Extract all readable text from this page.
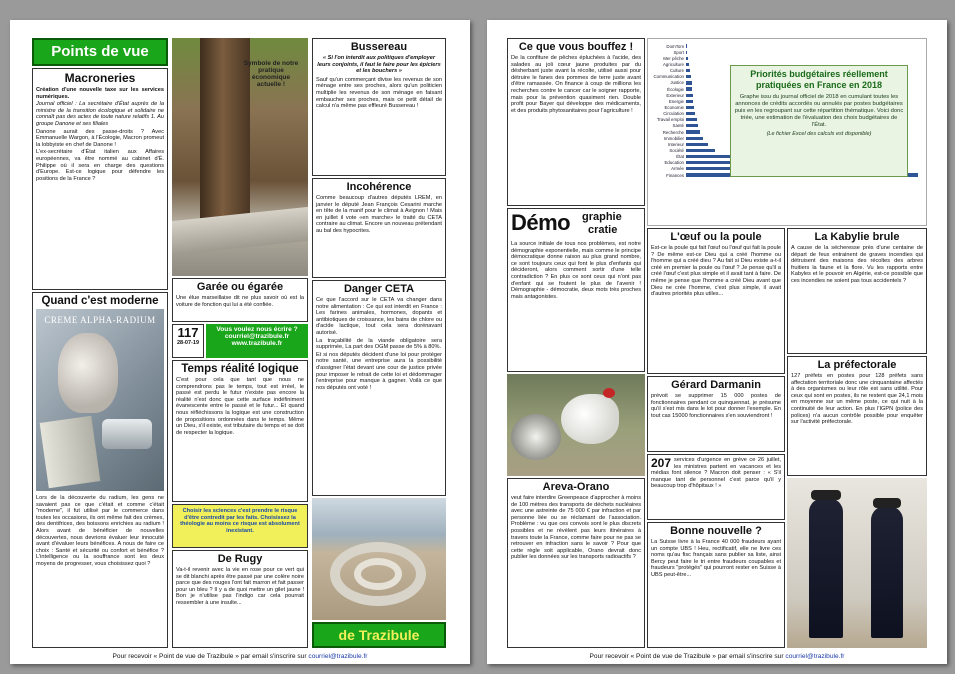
Points de vue
Macroneries

Création d'une nouvelle taxe sur les services numériques.

Journal officiel : La secrétaire d'État auprès de la ministre de la transition écologique et solidaire ne connaît pas des actes de toute nature relatifs 1. Au groupe Danone et ses filiales

Danone aurait des passe-droits ? Avec Emmanuelle Wargon, à l'Écologie, Macron promeut la lobbyiste en chef de Danone !

L'ex-secrétaire d'État italien aux Affaires européennes, va être nommé au cabinet d'É. Philippe où il sera en charge des questions d'Europe. Est-ce logique pour défendre les positions de la France ?

Quand c'est moderne
CREME ALPHA-RADIUM
Lors de la découverte du radium, les gens ne savaient pas ce que c'était et comme c'était "moderne", il fut utilisé par le commerce dans toutes les occasions, ils ont même fait des crèmes, des dentifrices, des boissons enrichies au radium ! Alors avant de bénéficier de nouvelles découvertes, nous devrions évaluer leur innocuité avant d'évaluer leurs bénéfices. A nous de faire ce choix : Santé et sécurité ou confort et bénéfice ? L'intelligence ou la souffrance sont les deux moyens de progresser, vous choisissez quoi ?
Symbole de notre pratique économique actuelle !
Garée ou égarée
Une élue marseillaise dit ne plus savoir où est la voiture de fonction qui lui a été confiée.
117
28-07-19
Vous voulez nous écrire ?
courriel@trazibule.fr
www.trazibule.fr
Temps réalité logique
C'est pour cela que tant que nous ne comprendrons pas le temps, tout est irréel, le passé est perdu le futur n'existe pas encore la réalité n'est donc que cette surface indéfiniment évanescente entre le passé et le futur... Et quand nous réfléchissons la logique est une construction de propositions ordonnées dans le temps. Même un Dieu, s'il existe, est tributaire du temps et se doit de respecter la logique.
Choisir les sciences c'est prendre le risque d'être contredit par les faits. Choisissez la théologie au moins ce risque est absolument inexistant.
De Rugy
Va-t-il revenir avec la vie en rose pour ce vert qui se dit blanchi après être passé par une colère noire parce que des rouges l'ont fait marron et fait passer pour un bleu ? Il y a de quoi mettre un gilet jaune ! Bon je n'utilise pas l'indigo car cela pourrait ressembler à une insulte...
Bussereau
« Si l'on interdit aux politiques d'employer leurs conjoints, il faut le faire pour les épiciers et les bouchers »
Sauf qu'un commerçant divise les revenus de son ménage entre ses proches, alors qu'un politicien multiplie les revenus de son ménage en faisant embaucher ses proches, mais ce petit détail de calcul n'a même pas effleuré Bussereau !
Incohérence
Comme beaucoup d'autres députés LREM, en janvier le député Jean François Cesarini marche en tête de la manif pour le climat à Avignon ! Mais en juillet il vote «en marche» le traité du CETA contraire au climat. Encore un nouveau prétendant au bal des hypocrites.
Danger CETA

Ce que l'accord sur le CETA va changer dans notre alimentation : Ce qui est interdit en France : Les farines animales, hormones, dopants et antibiotiques de croissance, les bains de chlore ou d'acide lactique, tout cela sera dorénavant autorisé.

La traçabilité de la viande obligatoire sera supprimée, La part des OGM passe de 5% à 80%.

Et si nos députés décident d'une loi pour protéger notre santé, une entreprise aura la possibilité d'assigner l'état devant une cour de justice privée pour imposer le retrait de cette loi et dédommager l'entreprise pour manque à gagner. Voilà ce que nos députés ont voté !

de Trazibule
Pour recevoir « Point de vue de Trazibule » par email s'inscrire sur courriel@trazibule.fr
Ce que vous bouffez !
De la confiture de pêches épluchées à l'acide, des salades au joli cœur jaune produites par du désherbant juste avant la récolte, utilisé aussi pour détruire le fanes des pommes de terre juste avant d'être ramassée. On finance à coup de millions les recherches contre le cancer car le soigner rapporte, mais pour la prévention quasiment rien. Double profit pour Bayer qui développe des médicaments, et des produits phytosanitaires pour l'agriculture !
Démo graphie
cratie
La source initiale de tous nos problèmes, est notre démographie exponentielle, mais comme le principe démocratique donne raison au plus grand nombre, ce sont toujours ceux qui font le plus d'enfants qui décideront, alors comment sortir d'une telle contradiction ? En plus ce sont ceux qui n'ont pas d'enfant qui se foutent le plus de l'avenir ! Démographie - démocratie, deux mots très proches mais antagonistes.
Areva-Orano
veut faire interdire Greenpeace d'approcher à moins de 100 mètres des transports de déchets nucléaires avec une astreinte de 75 000 € par infraction et par personne liée ou se réclamant de l'association. Problème : vu que ces convois sont le plus discrets possibles et ne révèlent pas leurs itinéraires à travers toute la France, comme faire pour ne pas se retrouver en infraction sans le savoir ? Pour que cette règle soit applicable, Orano devrait donc publier les données sur les transports radioactifs ?
L'œuf ou la poule
Est-ce la poule qui fait l'œuf ou l'œuf qui fait la poule ? De même est-ce Dieu qui a créé l'homme ou l'homme qui a créé dieu ? Au fait si Dieu existe a-t-il créé en premier la poule ou l'œuf ? Je pense qu'il a créé l'œuf c'est plus simple et il avait tant à faire. De même je pense que l'homme a créé Dieu avant que Dieu ne crée l'homme, c'est plus simple, il avait d'autres priorités plus utiles...
Gérard Darmanin
prévoit se supprimer 15 000 postes de fonctionnaires pendant ce quinquennat, je présume qu'il s'est mis dans le lot pour donner l'exemple. En tout cas 15000 fonctionnaires s'en souviendront !
207 services d'urgence en grève ce 26 juillet, les ministres partent en vacances et les médias font silence ? Macron doit penser : « S'il manque tant de personnel c'est parce qu'il y beaucoup trop d'hôpitaux ! »
Bonne nouvelle ?
La Suisse livre à la France 40 000 fraudeurs ayant un compte UBS ! Heu, rectificatif, elle ne livre ces noms qu'au fisc français sans publier sa liste, ainsi Bercy peut faire le tri entre fraudeurs coupables et fraudeurs "protégés" qui pourront rester en Suisse à UBS peut-être...
DomTom
Sport
Mer pêche
Agriculture
Culture
Communication
Justice
Écologie
Exterieur
Energie
Economie
Circulation
Travail emploi
Santé
Recherche
Immobilier
Interieur
Société
État
Education
Armée
Finances
Priorités budgétaires réellement pratiquées en France en 2018
Graphe issu du journal officiel de 2018 en cumulant toutes les annonces de crédits accordés ou annulés par postes budgétaires puis en les regroupant sur cette répartition thématique. Voici donc triée, une estimation de l'évaluation des choix budgétaires de l'État.
(Le fichier Excel des calculs est disponible)
La Kabylie brule
A cause de la sécheresse près d'une centaine de départ de feux entrainent de graves incendies qui détruisent des maisons des récoltes des arbres fruitiers la faune et la flore. Vu les rapports entre Kabyles et le pouvoir en Algérie, est-ce possible que ces incendies ne soient pas tous accidentels ?
La préfectorale
127 préfets en postes pour 128 préfets sans affectation territoriale donc une cinquantaine affectés à des organismes ou leur rôle est sans utilité. Pour ceux qui sont en postes, ils ne restent que 24,1 mois en moyenne sur un même poste, ce qui nuit à la continuité de leur action. En plus l'IGPN (police des polices) n'a aucun contrôle possible pour enquêter sur l'activité préfectorale.
Pour recevoir « Point de vue de Trazibule » par email s'inscrire sur courriel@trazibule.fr
